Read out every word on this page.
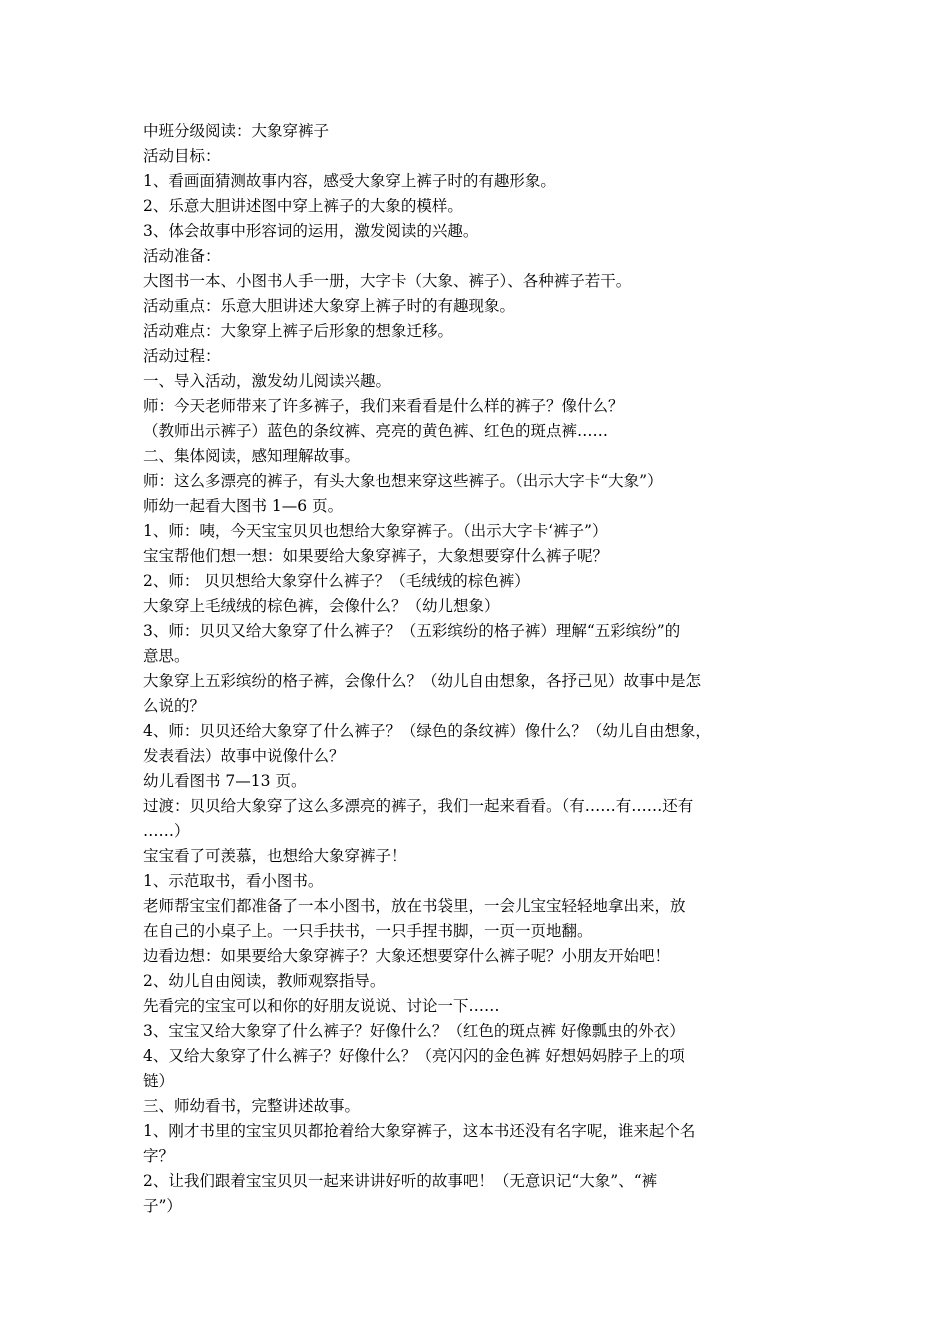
中班分级阅读：大象穿裤子
活动目标：
1、看画面猜测故事内容，感受大象穿上裤子时的有趣形象。
2、乐意大胆讲述图中穿上裤子的大象的模样。
3、体会故事中形容词的运用，激发阅读的兴趣。
活动准备：
大图书一本、小图书人手一册，大字卡（大象、裤子）、各种裤子若干。
活动重点：乐意大胆讲述大象穿上裤子时的有趣现象。
活动难点：大象穿上裤子后形象的想象迁移。
活动过程：
一、导入活动，激发幼儿阅读兴趣。
师：今天老师带来了许多裤子，我们来看看是什么样的裤子？像什么？
（教师出示裤子）蓝色的条纹裤、亮亮的黄色裤、红色的斑点裤……
二、集体阅读，感知理解故事。
师：这么多漂亮的裤子，有头大象也想来穿这些裤子。（出示大字卡“大象”）
师幼一起看大图书 1—6 页。
1、师：咦，今天宝宝贝贝也想给大象穿裤子。（出示大字卡‘裤子”）
宝宝帮他们想一想：如果要给大象穿裤子，大象想要穿什么裤子呢？
2、师： 贝贝想给大象穿什么裤子？（毛绒绒的棕色裤）
大象穿上毛绒绒的棕色裤，会像什么？（幼儿想象）
3、师：贝贝又给大象穿了什么裤子？（五彩缤纷的格子裤）理解“五彩缤纷”的
意思。
大象穿上五彩缤纷的格子裤，会像什么？（幼儿自由想象，各抒己见）故事中是怎
么说的？
4、师：贝贝还给大象穿了什么裤子？（绿色的条纹裤）像什么？（幼儿自由想象，
发表看法）故事中说像什么？
幼儿看图书 7—13 页。
过渡：贝贝给大象穿了这么多漂亮的裤子，我们一起来看看。（有……有……还有
……）
宝宝看了可羡慕，也想给大象穿裤子！
1、示范取书，看小图书。
老师帮宝宝们都准备了一本小图书，放在书袋里，一会儿宝宝轻轻地拿出来，放
在自己的小桌子上。一只手扶书，一只手捏书脚，一页一页地翻。
边看边想：如果要给大象穿裤子？大象还想要穿什么裤子呢？小朋友开始吧！
2、幼儿自由阅读，教师观察指导。
先看完的宝宝可以和你的好朋友说说、讨论一下……
3、宝宝又给大象穿了什么裤子？好像什么？（红色的斑点裤 好像瓢虫的外衣）
4、又给大象穿了什么裤子？好像什么？（亮闪闪的金色裤 好想妈妈脖子上的项
链）
三、师幼看书，完整讲述故事。
1、刚才书里的宝宝贝贝都抢着给大象穿裤子，这本书还没有名字呢，谁来起个名
字？
2、让我们跟着宝宝贝贝一起来讲讲好听的故事吧！（无意识记“大象”、“裤
子”）
